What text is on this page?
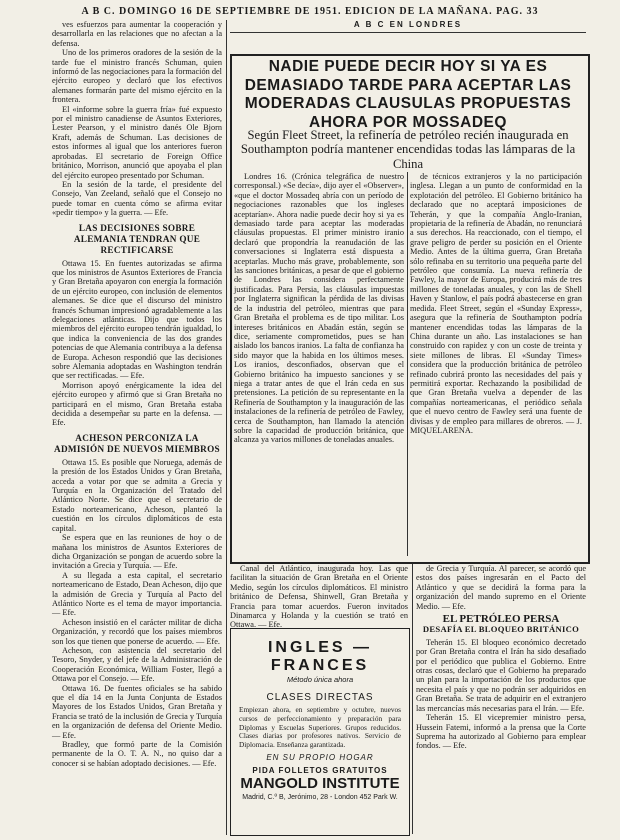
A B C. DOMINGO 16 DE SEPTIEMBRE DE 1951. EDICION DE LA MAÑANA. PAG. 33

ves esfuerzos para aumentar la cooperación y desarrollarla en las relaciones que no afectan a la defensa.

Uno de los primeros oradores de la sesión de la tarde fue el ministro francés Schuman, quien informó de las negociaciones para la formación del ejército europeo y declaró que los efectivos alemanes formarán parte del mismo ejército en la frontera.

El «informe sobre la guerra fría» fué expuesto por el ministro canadiense de Asuntos Exteriores, Lester Pearson, y el ministro danés Ole Bjorn Kraft, además de Schuman. Las decisiones de estos informes al igual que los anteriores fueron aprobadas. El secretario de Foreign Office británico, Morrison, anunció que apoyaba el plan del ejército europeo presentado por Schuman.

En la sesión de la tarde, el presidente del Consejo, Van Zeeland, señaló que el Consejo no puede tomar en cuenta cómo se afirma evitar «pedir tiempo» y la guerra. — Efe.

LAS DECISIONES SOBRE ALEMANIA TENDRAN QUE RECTIFICARSE

Ottawa 15. En fuentes autorizadas se afirma que los ministros de Asuntos Exteriores de Francia y Gran Bretaña apoyaron con energía la formación de un ejército europeo, con inclusión de elementos alemanes. Se dice que el discurso del ministro francés Schuman impresionó agradablemente a las delegaciones atlánticas. Dijo que todos los miembros del ejército europeo tendrán igualdad, lo que indica la conveniencia de las dos grandes potencias de que Alemania contribuya a la defensa de Europa. Acheson respondió que las decisiones sobre Alemania adoptadas en Washington tendrán que ser rectificadas. — Efe.

Morrison apoyó enérgicamente la idea del ejército europeo y afirmó que si Gran Bretaña no participará en el mismo, Gran Bretaña estaba decidida a desempeñar su parte en la defensa. — Efe.

ACHESON PERCONIZA LA ADMISIÓN DE NUEVOS MIEMBROS

Ottawa 15. Es posible que Noruega, además de la presión de los Estados Unidos y Gran Bretaña, acceda a votar por que se admita a Grecia y Turquía en la Organización del Tratado del Atlántico Norte. Se dice que el secretario de Estado norteamericano, Acheson, planteó la cuestión en los círculos diplomáticos de esta capital.

Se espera que en las reuniones de hoy o de mañana los ministros de Asuntos Exteriores de dicha Organización se pongan de acuerdo sobre la invitación a Grecia y Turquía. — Efe.

A su llegada a esta capital, el secretario norteamericano de Estado, Dean Acheson, dijo que la admisión de Grecia y Turquía al Pacto del Atlántico Norte es el tema de mayor importancia. — Efe.

Acheson insistió en el carácter militar de dicha Organización, y recordó que los países miembros son los que tienen que ponerse de acuerdo. — Efe.

Acheson, con asistencia del secretario del Tesoro, Snyder, y del jefe de la Administración de Cooperación Económica, William Foster, llegó a Ottawa por el Consejo. — Efe.

Ottawa 16. De fuentes oficiales se ha sabido que el día 14 en la Junta Conjunta de Estados Mayores de los Estados Unidos, Gran Bretaña y Francia se trató de la inclusión de Grecia y Turquía en la organización de defensa del Oriente Medio. — Efe.

Bradley, que formó parte de la Comisión permanente de la O. T. A. N., no quiso dar a conocer si se habían adoptado decisiones. — Efe.

A B C EN LONDRES
NADIE PUEDE DECIR HOY SI YA ES DEMASIADO TARDE PARA ACEPTAR LAS MODERADAS CLAUSULAS PROPUESTAS AHORA POR MOSSADEQ
Según Fleet Street, la refinería de petróleo recién inaugurada en Southampton podría mantener encendidas todas las lámparas de la China

Londres 16. (Crónica telegráfica de nuestro corresponsal.) «Se decía», dijo ayer el «Observer», «que el doctor Mossadeq abría con un período de negociaciones razonables que los ingleses aceptarían». Ahora nadie puede decir hoy si ya es demasiado tarde para aceptar las moderadas cláusulas propuestas. El primer ministro iranio declaró que propondría la reanudación de las conversaciones si Inglaterra está dispuesta a aceptarlas. Mucho más grave, probablemente, son las sanciones británicas, a pesar de que el gobierno de Londres las considera perfectamente justificadas. Para Persia, las cláusulas impuestas por Inglaterra significan la pérdida de las divisas de la industria del petróleo, mientras que para Gran Bretaña el problema es de tipo militar. Los intereses británicos en Abadán están, según se dice, seriamente comprometidos, pues se han aislado los bancos iranios. La falta de confianza ha sido mayor que la habida en los últimos meses. Los iranios, desconfiados, observan que el Gobierno británico ha impuesto sanciones y se niega a tratar antes de que el Irán ceda en sus pretensiones. La petición de su representante en la Refinería de Southampton y la inauguración de las instalaciones de la refinería de petróleo de Fawley, cerca de Southampton, han llamado la atención sobre la capacidad de producción británica, que alcanza ya varios millones de toneladas anuales.

de técnicos extranjeros y la no participación inglesa. Llegan a un punto de conformidad en la explotación del petróleo. El Gobierno británico ha declarado que no aceptará imposiciones de Teherán, y que la compañía Anglo-Iranian, propietaria de la refinería de Abadán, no renunciará a sus derechos. Ha reaccionado, con el tiempo, el grave peligro de perder su posición en el Oriente Medio. Antes de la última guerra, Gran Bretaña sólo refinaba en su territorio una pequeña parte del petróleo que consumía. La nueva refinería de Fawley, la mayor de Europa, producirá más de tres millones de toneladas anuales, y con las de Shell Haven y Stanlow, el país podrá abastecerse en gran medida. Fleet Street, según el «Sunday Express», asegura que la refinería de Southampton podría mantener encendidas todas las lámparas de la China durante un año. Las instalaciones se han construido con rapidez y con un coste de treinta y siete millones de libras. El «Sunday Times» considera que la producción británica de petróleo refinado cubrirá pronto las necesidades del país y permitirá exportar. Rechazando la posibilidad de que Gran Bretaña vuelva a depender de las compañías norteamericanas, el periódico señala que el nuevo centro de Fawley será una fuente de divisas y de empleo para millares de obreros. — J. MIQUELARENA.

Canal del Atlántico, inaugurada hoy. Las que facilitan la situación de Gran Bretaña en el Oriente Medio, según los círculos diplomáticos. El ministro británico de Defensa, Shinwell, Gran Bretaña y Francia para tomar acuerdos. Fueron invitados Dinamarca y Holanda y la cuestión se trató en Ottawa. — Efe.

INGLES — FRANCES
Método única ahora
CLASES DIRECTAS
Empiezan ahora, en septiembre y octubre, nuevos cursos de perfeccionamiento y preparación para Diplomas y Escuelas Superiores. Grupos reducidos. Clases diarias por profesores nativos. Servicio de Diplomacia. Enseñanza garantizada.
EN SU PROPIO HOGAR
PIDA FOLLETOS GRATUITOS
MANGOLD INSTITUTE
Madrid, C.º B, Jerónimo, 28 - London 452 Park W.

de Grecia y Turquía. Al parecer, se acordó que estos dos países ingresarán en el Pacto del Atlántico y que se decidirá la forma para la organización del mando supremo en el Oriente Medio. — Efe.

EL PETRÓLEO PERSA

DESAFÍA EL BLOQUEO BRITÁNICO

Teherán 15. El bloqueo económico decretado por Gran Bretaña contra el Irán ha sido desafiado por el periódico que publica el Gobierno. Entre otras cosas, declaró que el Gobierno ha preparado un plan para la importación de los productos que necesita el país y que no podrán ser adquiridos en Gran Bretaña. Se trata de adquirir en el extranjero las mercancías más necesarias para el Irán. — Efe.

Teherán 15. El vicepremier ministro persa, Hussein Fatemi, informó a la prensa que la Corte Suprema ha autorizado al Gobierno para emplear fondos. — Efe.
